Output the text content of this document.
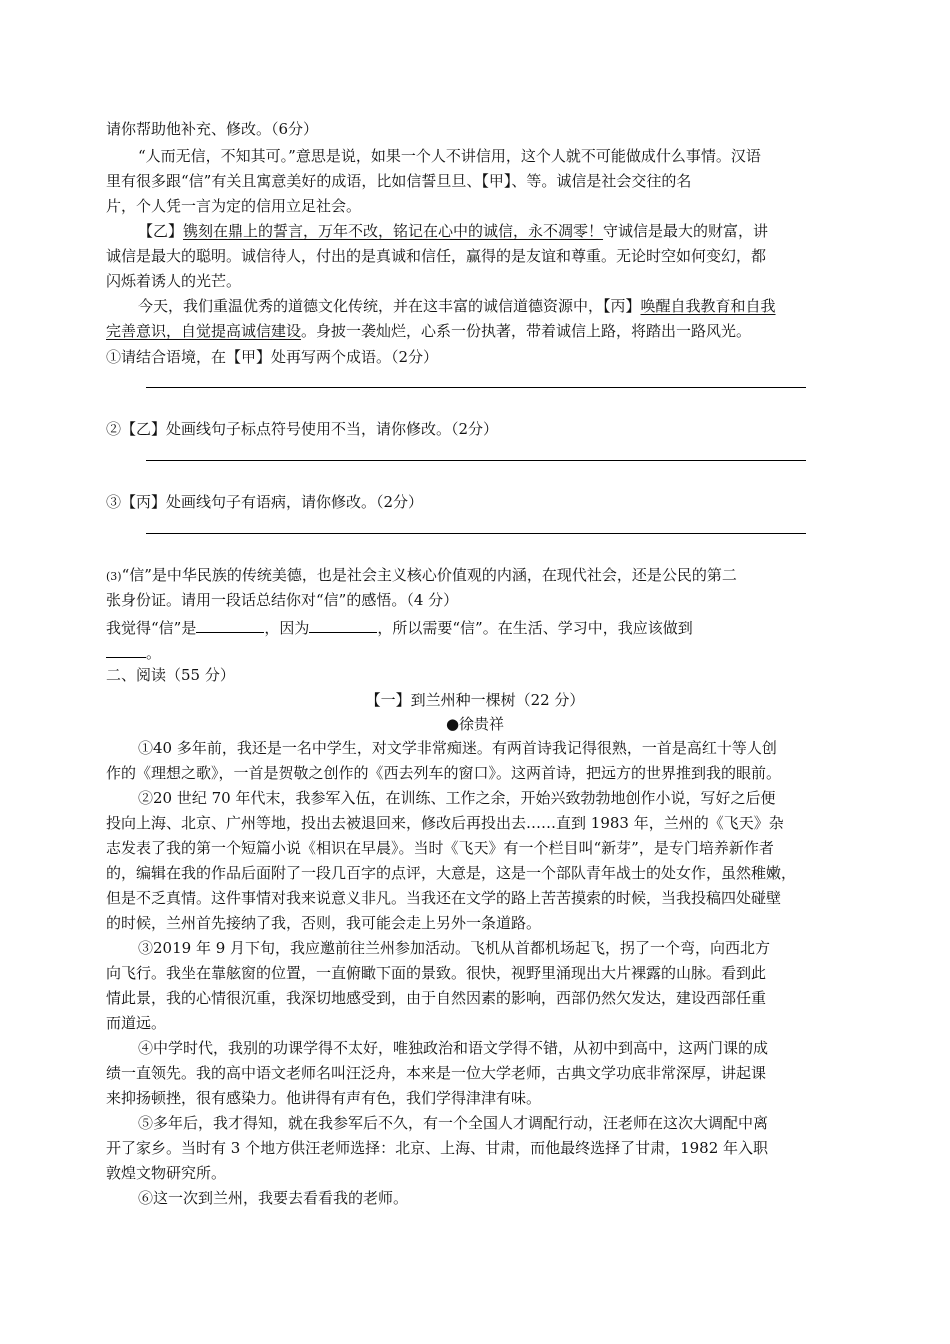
请你帮助他补充、修改。（6分）
“人而无信，不知其可。”意思是说，如果一个人不讲信用，这个人就不可能做成什么事情。汉语
里有很多跟“信”有关且寓意美好的成语，比如信誓旦旦、【甲】、等。诚信是社会交往的名
片，个人凭一言为定的信用立足社会。
【乙】镌刻在鼎上的誓言，万年不改，铭记在心中的诚信，永不凋零！守诚信是最大的财富，讲
诚信是最大的聪明。诚信待人，付出的是真诚和信任，赢得的是友谊和尊重。无论时空如何变幻，都
闪烁着诱人的光芒。
今天，我们重温优秀的道德文化传统，并在这丰富的诚信道德资源中，【丙】唤醒自我教育和自我
完善意识，自觉提高诚信建设。身披一袭灿烂，心系一份执著，带着诚信上路，将踏出一路风光。
①请结合语境，在【甲】处再写两个成语。（2分）
②【乙】处画线句子标点符号使用不当，请你修改。（2分）
③【丙】处画线句子有语病，请你修改。（2分）
(3)“信”是中华民族的传统美德，也是社会主义核心价值观的内涵，在现代社会，还是公民的第二
张身份证。请用一段话总结你对“信”的感悟。（4 分）
我觉得“信”是	，因为	，所以需要“信”。在生活、学习中，我应该做到
。
二、阅读（55 分）
【一】到兰州种一棵树（22 分）
●徐贵祥
①40 多年前，我还是一名中学生，对文学非常痴迷。有两首诗我记得很熟，一首是高红十等人创
作的《理想之歌》，一首是贺敬之创作的《西去列车的窗口》。这两首诗，把远方的世界推到我的眼前。
②20 世纪 70 年代末，我参军入伍，在训练、工作之余，开始兴致勃勃地创作小说，写好之后便
投向上海、北京、广州等地，投出去被退回来，修改后再投出去……直到 1983 年，兰州的《飞天》杂
志发表了我的第一个短篇小说《相识在早晨》。当时《飞天》有一个栏目叫“新芽”，是专门培养新作者
的，编辑在我的作品后面附了一段几百字的点评，大意是，这是一个部队青年战士的处女作，虽然稚嫩，
但是不乏真情。这件事情对我来说意义非凡。当我还在文学的路上苦苦摸索的时候，当我投稿四处碰壁
的时候，兰州首先接纳了我，否则，我可能会走上另外一条道路。
③2019 年 9 月下旬，我应邀前往兰州参加活动。飞机从首都机场起飞，拐了一个弯，向西北方
向飞行。我坐在靠舷窗的位置，一直俯瞰下面的景致。很快，视野里涌现出大片裸露的山脉。看到此
情此景，我的心情很沉重，我深切地感受到，由于自然因素的影响，西部仍然欠发达，建设西部任重
而道远。
④中学时代，我别的功课学得不太好，唯独政治和语文学得不错，从初中到高中，这两门课的成
绩一直领先。我的高中语文老师名叫汪泛舟，本来是一位大学老师，古典文学功底非常深厚，讲起课
来抑扬顿挫，很有感染力。他讲得有声有色，我们学得津津有味。
⑤多年后，我才得知，就在我参军后不久，有一个全国人才调配行动，汪老师在这次大调配中离
开了家乡。当时有 3 个地方供汪老师选择：北京、上海、甘肃，而他最终选择了甘肃，1982 年入职
敦煌文物研究所。
⑥这一次到兰州，我要去看看我的老师。
